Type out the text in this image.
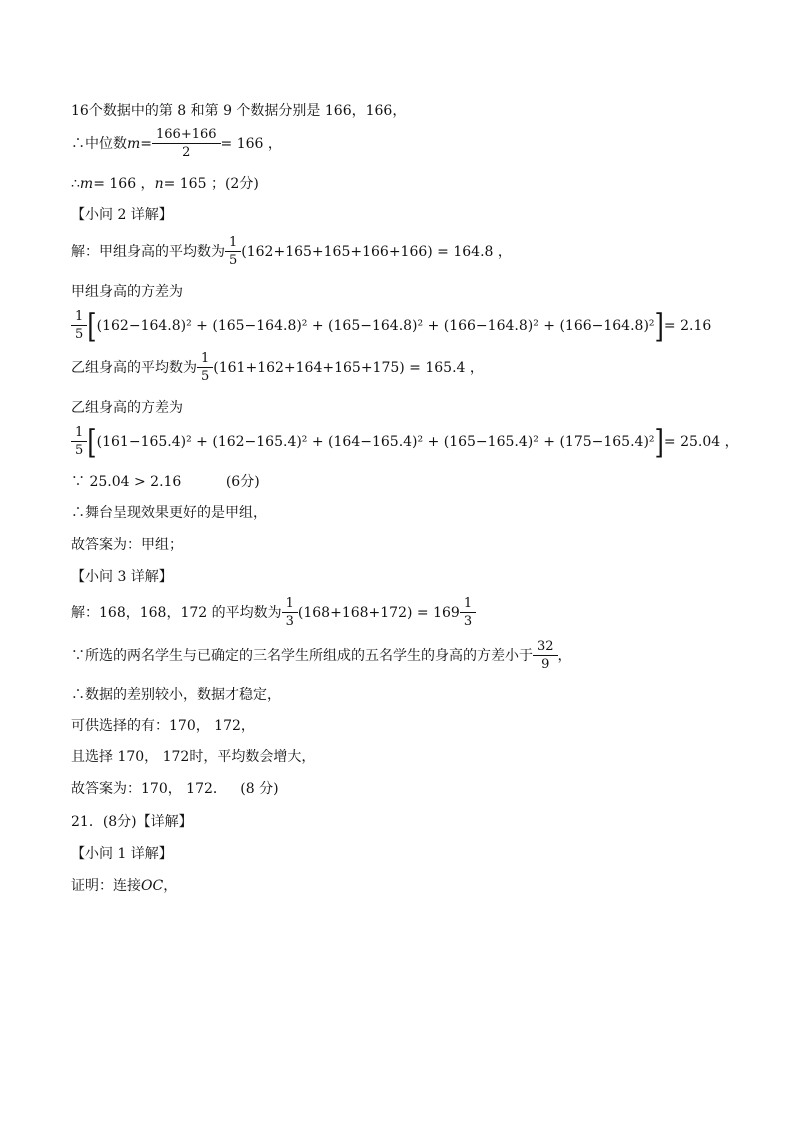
16个数据中的第 8 和第 9 个数据分别是 166，166，
∴中位数 $m = \frac{166+166}{2} = 166$ ，
∴ m = 166 ， n = 165 ；(2分)
【小问 2 详解】
解：甲组身高的平均数为 $\frac{1}{5} (162+165+165+166+166) = 164.8$ ，
甲组身高的方差为
$\frac{1}{5}$ [ (162−164.8)² + (165−164.8)² + (165−164.8)² + (166−164.8)² + (166−164.8)² ] = 2.16
乙组身高的平均数为 $\frac{1}{5} (161+162+164+165+175) = 165.4$ ，
乙组身高的方差为
$\frac{1}{5}$ [ (161−165.4)² + (162−165.4)² + (164−165.4)² + (165−165.4)² + (175−165.4)² ] = 25.04 ，
∵ 25.04 > 2.16          (6分)
∴舞台呈现效果更好的是甲组，
故答案为：甲组；
【小问 3 详解】
解：168，168，172 的平均数为 $\frac{1}{3} (168+168+172) = 169 \frac{1}{3}$
∵所选的两名学生与已确定的三名学生所组成的五名学生的身高的方差小于 $\frac{32}{9}$ ，
∴数据的差别较小，数据才稳定，
可供选择的有：170， 172，
且选择 170， 172时，平均数会增大，
故答案为：170， 172．   (8 分)
21．(8分)【详解】
【小问 1 详解】
证明：连接 OC ，
